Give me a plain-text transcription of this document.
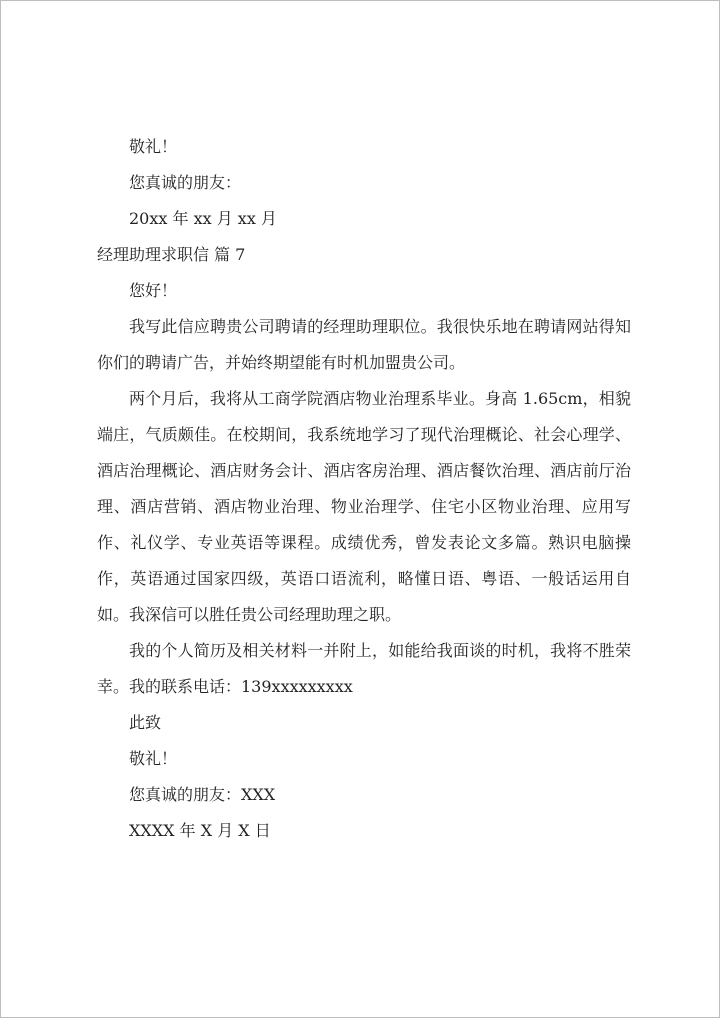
敬礼！
您真诚的朋友：
20xx 年 xx 月 xx 月
经理助理求职信 篇 7
您好！

我写此信应聘贵公司聘请的经理助理职位。我很快乐地在聘请网站得知你们的聘请广告，并始终期望能有时机加盟贵公司。

两个月后，我将从工商学院酒店物业治理系毕业。身高 1.65cm，相貌端庄，气质颇佳。在校期间，我系统地学习了现代治理概论、社会心理学、酒店治理概论、酒店财务会计、酒店客房治理、酒店餐饮治理、酒店前厅治理、酒店营销、酒店物业治理、物业治理学、住宅小区物业治理、应用写作、礼仪学、专业英语等课程。成绩优秀，曾发表论文多篇。熟识电脑操作，英语通过国家四级，英语口语流利，略懂日语、粤语、一般话运用自如。我深信可以胜任贵公司经理助理之职。

我的个人简历及相关材料一并附上，如能给我面谈的时机，我将不胜荣幸。我的联系电话：139xxxxxxxxx

此致
敬礼！
您真诚的朋友：XXX
XXXX 年 X 月 X 日
